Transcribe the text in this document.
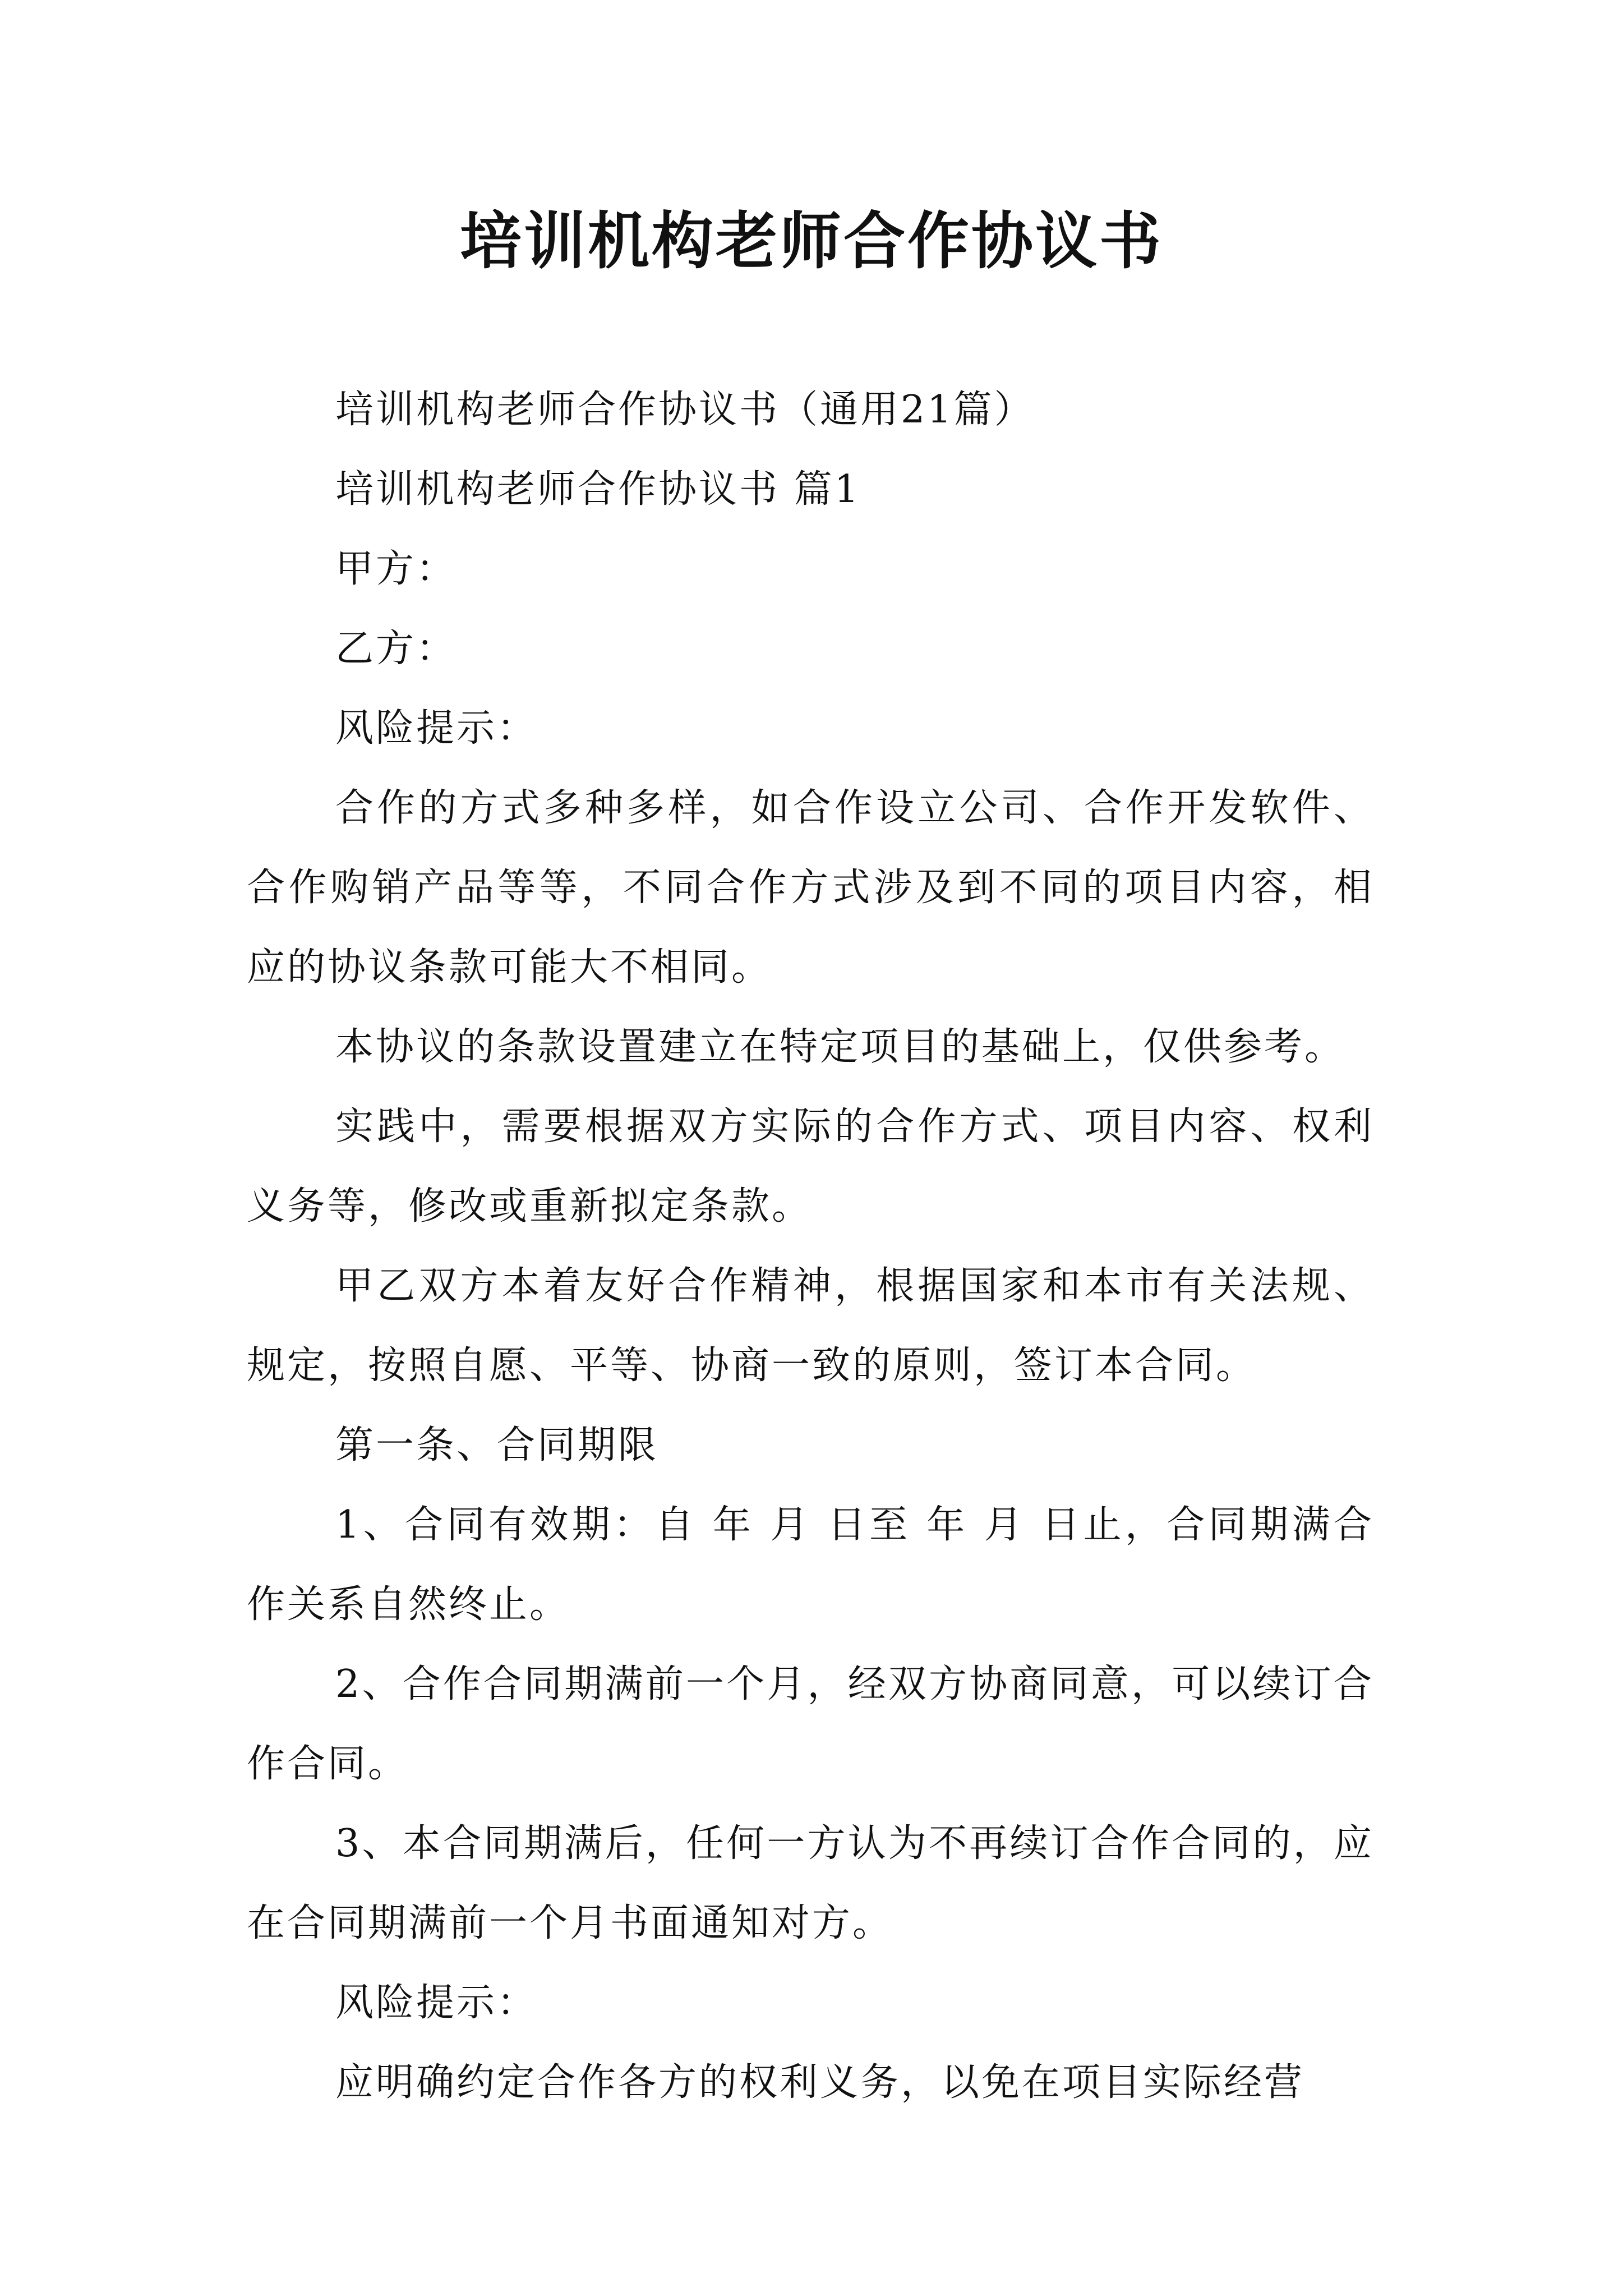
培训机构老师合作协议书

培训机构老师合作协议书（通用21篇）

培训机构老师合作协议书 篇1

甲方：

乙方：

风险提示：

合作的方式多种多样，如合作设立公司、合作开发软件、合作购销产品等等，不同合作方式涉及到不同的项目内容，相应的协议条款可能大不相同。

本协议的条款设置建立在特定项目的基础上，仅供参考。

实践中，需要根据双方实际的合作方式、项目内容、权利义务等，修改或重新拟定条款。

甲乙双方本着友好合作精神，根据国家和本市有关法规、规定，按照自愿、平等、协商一致的原则，签订本合同。

第一条、合同期限

1、合同有效期：自 年 月 日至 年 月 日止，合同期满合作关系自然终止。

2、合作合同期满前一个月，经双方协商同意，可以续订合作合同。

3、本合同期满后，任何一方认为不再续订合作合同的，应在合同期满前一个月书面通知对方。

风险提示：

应明确约定合作各方的权利义务，以免在项目实际经营
